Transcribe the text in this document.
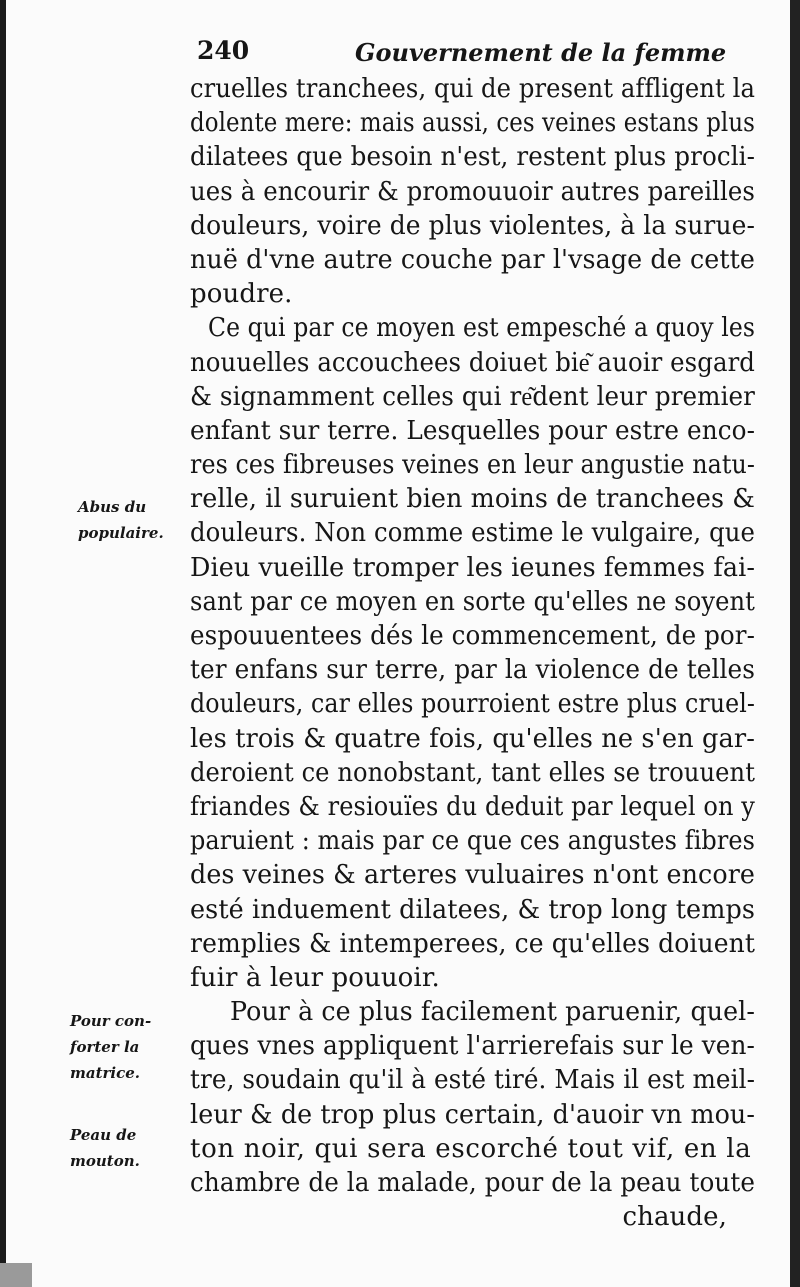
240	Gouvernement de la femme
cruelles tranchees, qui de present affligent la
dolente mere: mais aussi, ces veines estans plus
dilatees que besoin n'est, restent plus procli-
ues à encourir & promouuoir autres pareilles
douleurs, voire de plus violentes, à la surue-
nuë d'vne autre couche par l'vsage de cette
poudre.
Ce qui par ce moyen est empesché a quoy les
nouuelles accouchees doiuet bie͂ auoir esgard
& signamment celles qui re͂dent leur premier
enfant sur terre. Lesquelles pour estre enco-
res ces fibreuses veines en leur angustie natu-
relle, il suruient bien moins de tranchees &
douleurs. Non comme estime le vulgaire, que
Dieu vueille tromper les ieunes femmes fai-
sant par ce moyen en sorte qu'elles ne soyent
espouuentees dés le commencement, de por-
ter enfans sur terre, par la violence de telles
douleurs, car elles pourroient estre plus cruel-
les trois & quatre fois, qu'elles ne s'en gar-
deroient ce nonobstant, tant elles se trouuent
friandes & resiouïes du deduit par lequel on y
paruient : mais par ce que ces angustes fibres
des veines & arteres vuluaires n'ont encore
esté induement dilatees, & trop long temps
remplies & intemperees, ce qu'elles doiuent
fuir à leur pouuoir.
Pour à ce plus facilement paruenir, quel-
ques vnes appliquent l'arrierefais sur le ven-
tre, soudain qu'il à esté tiré. Mais il est meil-
leur & de trop plus certain, d'auoir vn mou-
ton noir, qui sera escorché tout vif, en la
chambre de la malade, pour de la peau toute
chaude,
Abus du
populaire.
Pour con-
forter la
matrice.
Peau de
mouton.
